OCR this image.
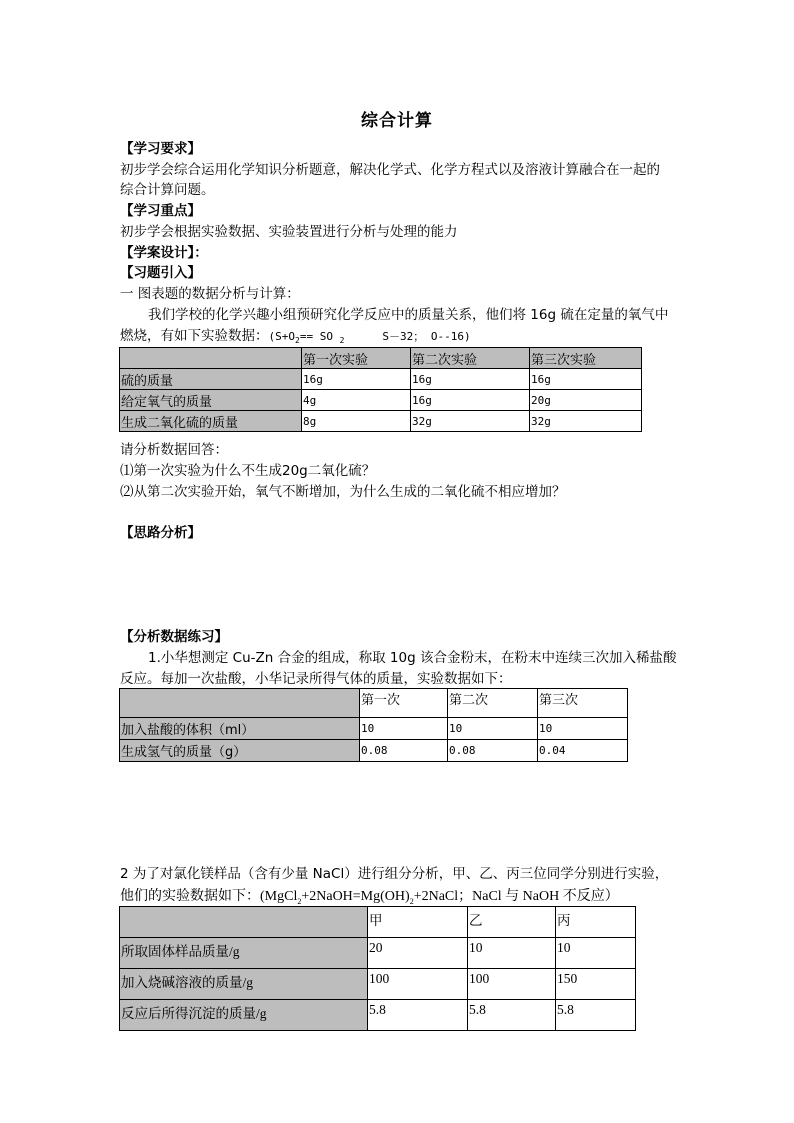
综合计算
【学习要求】
初步学会综合运用化学知识分析题意，解决化学式、化学方程式以及溶液计算融合在一起的
综合计算问题。
【学习重点】
初步学会根据实验数据、实验装置进行分析与处理的能力
【学案设计】：
【习题引入】
一 图表题的数据分析与计算：
我们学校的化学兴趣小组预研究化学反应中的质量关系，他们将 16g 硫在定量的氧气中
燃烧，有如下实验数据：($S+O_2==$ SO $_2$	S－32； O--16)
	第一次实验	第二次实验	第三次实验
硫的质量	16g	16g	16g
给定氧气的质量	4g	16g	20g
生成二氧化硫的质量	8g	32g	32g
请分析数据回答：
⑴第一次实验为什么不生成20g二氧化硫？
⑵从第二次实验开始，氧气不断增加，为什么生成的二氧化硫不相应增加？
【思路分析】
【分析数据练习】
1.小华想测定 Cu-Zn 合金的组成，称取 10g 该合金粉末，在粉末中连续三次加入稀盐酸
反应。每加一次盐酸，小华记录所得气体的质量，实验数据如下：
	第一次	第二次	第三次
加入盐酸的体积（ml）	10	10	10
生成氢气的质量（g）	0.08	0.08	0.04
2 为了对氯化镁样品（含有少量 NaCl）进行组分分析，甲、乙、丙三位同学分别进行实验，
他们的实验数据如下：($MgCl_2+2NaOH=Mg(OH)_2+2NaCl$；NaCl 与 NaOH 不反应）
	甲	乙	丙
所取固体样品质量/g	20	10	10
加入烧碱溶液的质量/g	100	100	150
反应后所得沉淀的质量/g	5.8	5.8	5.8
